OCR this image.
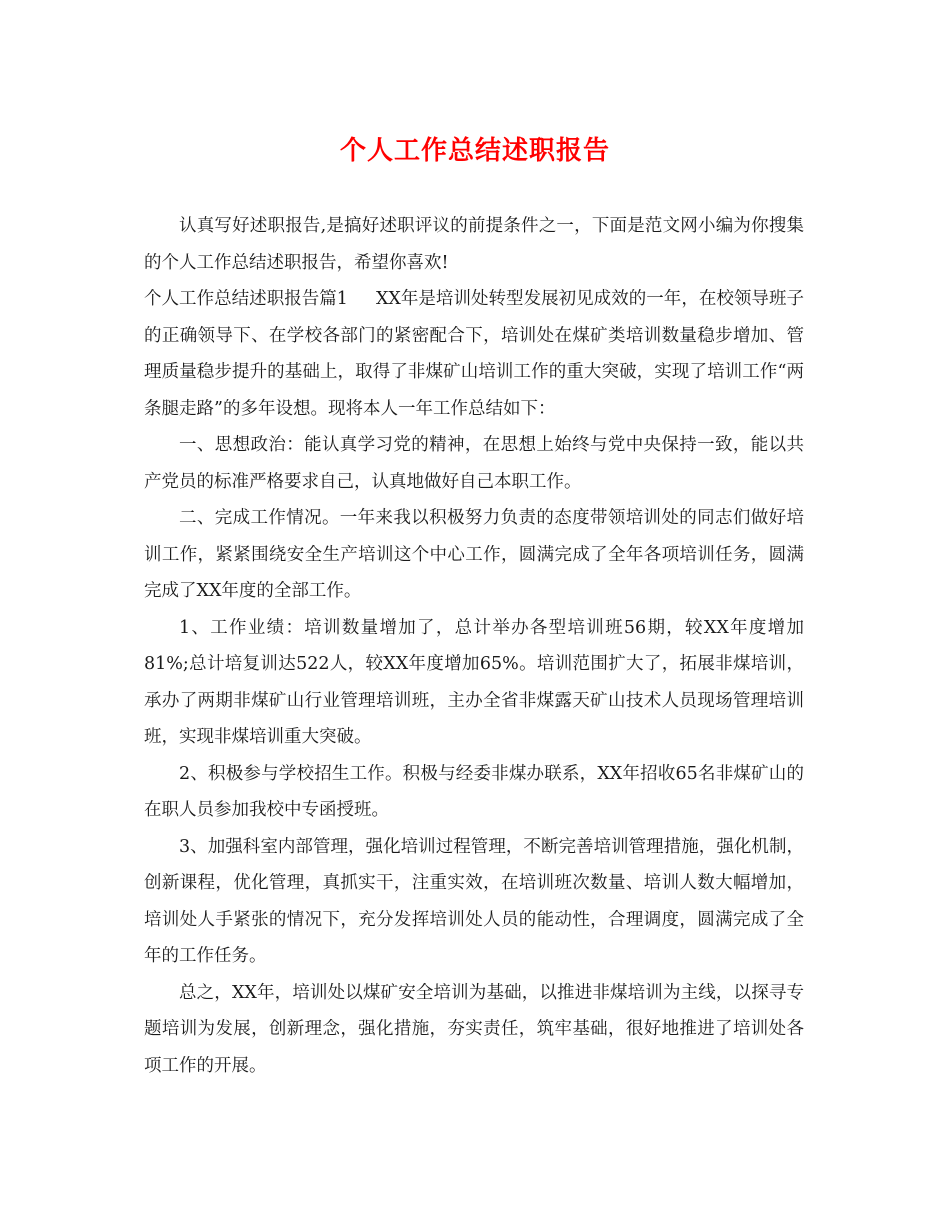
个人工作总结述职报告

认真写好述职报告,是搞好述职评议的前提条件之一，下面是范文网小编为你搜集的个人工作总结述职报告，希望你喜欢!

个人工作总结述职报告篇1 XX年是培训处转型发展初见成效的一年，在校领导班子的正确领导下、在学校各部门的紧密配合下，培训处在煤矿类培训数量稳步增加、管理质量稳步提升的基础上，取得了非煤矿山培训工作的重大突破，实现了培训工作“两条腿走路”的多年设想。现将本人一年工作总结如下：

一、思想政治：能认真学习党的精神，在思想上始终与党中央保持一致，能以共产党员的标准严格要求自己，认真地做好自己本职工作。

二、完成工作情况。一年来我以积极努力负责的态度带领培训处的同志们做好培训工作，紧紧围绕安全生产培训这个中心工作，圆满完成了全年各项培训任务，圆满完成了XX年度的全部工作。

1、工作业绩：培训数量增加了，总计举办各型培训班56期，较XX年度增加81%;总计培复训达522人，较XX年度增加65%。培训范围扩大了，拓展非煤培训，承办了两期非煤矿山行业管理培训班，主办全省非煤露天矿山技术人员现场管理培训班，实现非煤培训重大突破。

2、积极参与学校招生工作。积极与经委非煤办联系，XX年招收65名非煤矿山的在职人员参加我校中专函授班。

3、加强科室内部管理，强化培训过程管理，不断完善培训管理措施，强化机制，创新课程，优化管理，真抓实干，注重实效，在培训班次数量、培训人数大幅增加，培训处人手紧张的情况下，充分发挥培训处人员的能动性，合理调度，圆满完成了全年的工作任务。

总之，XX年，培训处以煤矿安全培训为基础，以推进非煤培训为主线，以探寻专题培训为发展，创新理念，强化措施，夯实责任，筑牢基础，很好地推进了培训处各项工作的开展。
